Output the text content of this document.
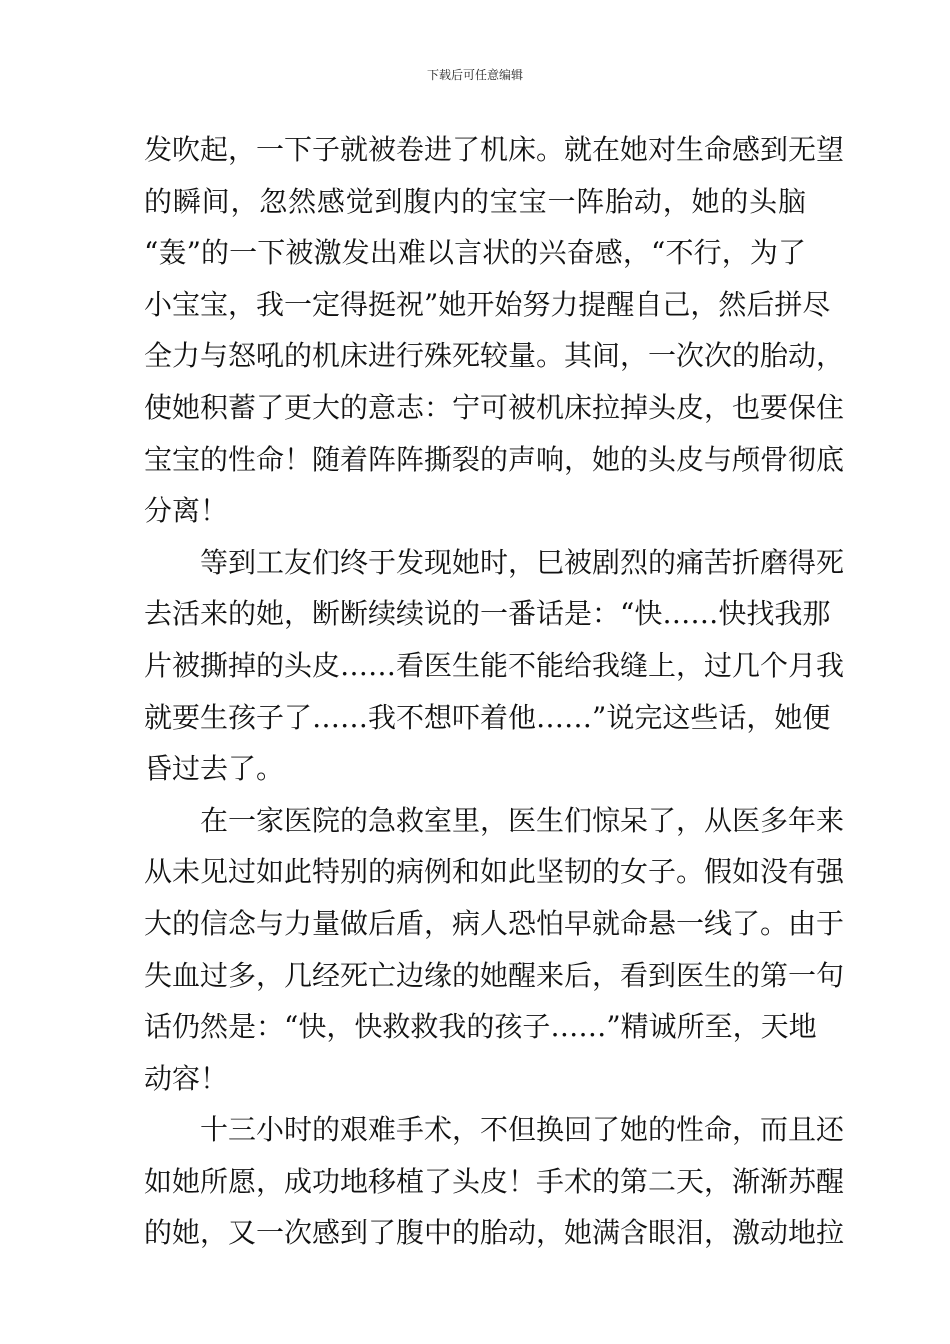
下载后可任意编辑
发吹起，一下子就被卷进了机床。就在她对生命感到无望
的瞬间，忽然感觉到腹内的宝宝一阵胎动，她的头脑
“轰”的一下被激发出难以言状的兴奋感，“不行，为了
小宝宝，我一定得挺祝”她开始努力提醒自己，然后拼尽
全力与怒吼的机床进行殊死较量。其间，一次次的胎动，
使她积蓄了更大的意志：宁可被机床拉掉头皮，也要保住
宝宝的性命！随着阵阵撕裂的声响，她的头皮与颅骨彻底
分离！
等到工友们终于发现她时，巳被剧烈的痛苦折磨得死
去活来的她，断断续续说的一番话是：“快……快找我那
片被撕掉的头皮……看医生能不能给我缝上，过几个月我
就要生孩子了……我不想吓着他……”说完这些话，她便
昏过去了。
在一家医院的急救室里，医生们惊呆了，从医多年来
从未见过如此特别的病例和如此坚韧的女子。假如没有强
大的信念与力量做后盾，病人恐怕早就命悬一线了。由于
失血过多，几经死亡边缘的她醒来后，看到医生的第一句
话仍然是：“快，快救救我的孩子……”精诚所至，天地
动容！
十三小时的艰难手术，不但换回了她的性命，而且还
如她所愿，成功地移植了头皮！手术的第二天，渐渐苏醒
的她，又一次感到了腹中的胎动，她满含眼泪，激动地拉
